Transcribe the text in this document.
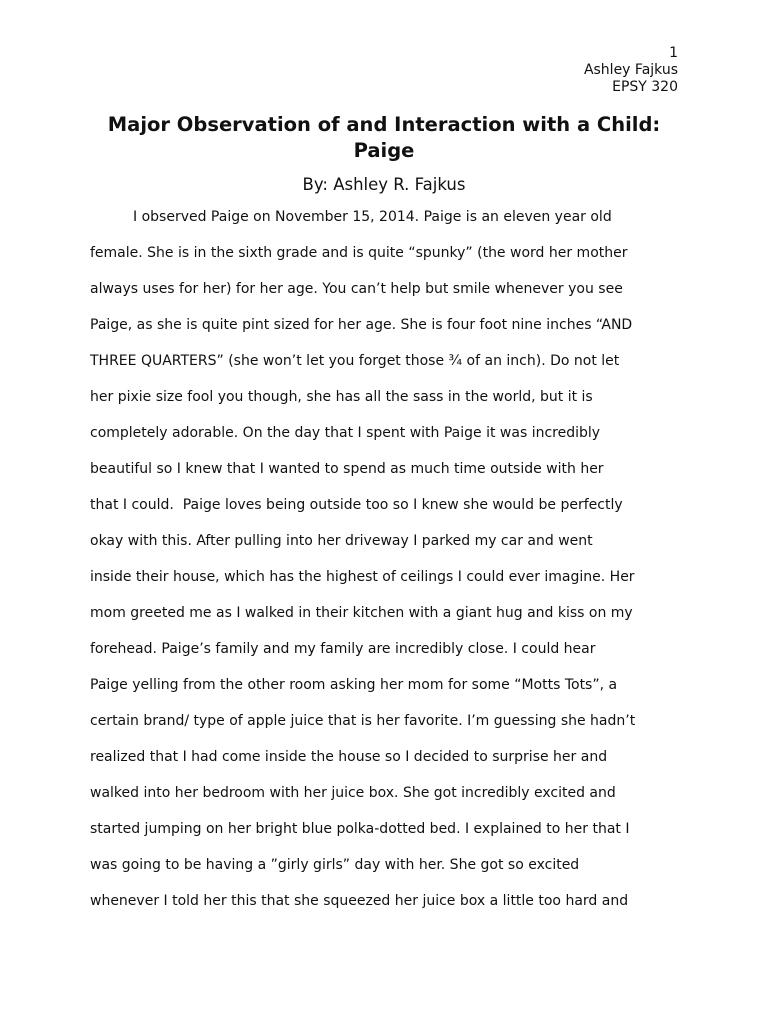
1
Ashley Fajkus
EPSY 320
Major Observation of and Interaction with a Child:
Paige
By: Ashley R. Fajkus
I observed Paige on November 15, 2014. Paige is an eleven year old
female. She is in the sixth grade and is quite “spunky” (the word her mother
always uses for her) for her age. You can’t help but smile whenever you see
Paige, as she is quite pint sized for her age. She is four foot nine inches “AND
THREE QUARTERS” (she won’t let you forget those ¾ of an inch). Do not let
her pixie size fool you though, she has all the sass in the world, but it is
completely adorable. On the day that I spent with Paige it was incredibly
beautiful so I knew that I wanted to spend as much time outside with her
that I could.  Paige loves being outside too so I knew she would be perfectly
okay with this. After pulling into her driveway I parked my car and went
inside their house, which has the highest of ceilings I could ever imagine. Her
mom greeted me as I walked in their kitchen with a giant hug and kiss on my
forehead. Paige’s family and my family are incredibly close. I could hear
Paige yelling from the other room asking her mom for some “Motts Tots”, a
certain brand/ type of apple juice that is her favorite. I’m guessing she hadn’t
realized that I had come inside the house so I decided to surprise her and
walked into her bedroom with her juice box. She got incredibly excited and
started jumping on her bright blue polka-dotted bed. I explained to her that I
was going to be having a ”girly girls” day with her. She got so excited
whenever I told her this that she squeezed her juice box a little too hard and
